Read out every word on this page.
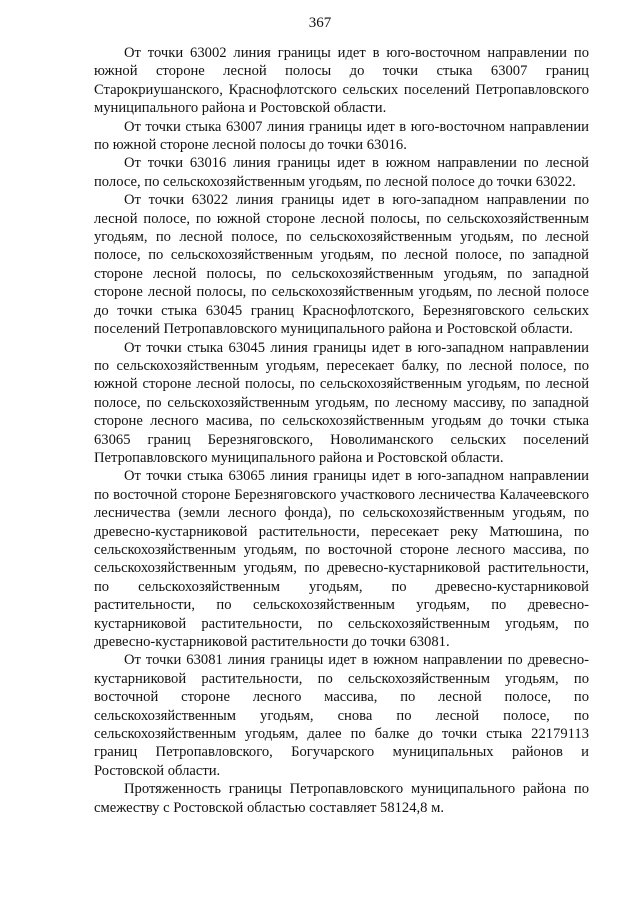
367

От точки 63002 линия границы идет в юго-восточном направлении по южной стороне лесной полосы до точки стыка 63007 границ Старокриушанского, Краснофлотского сельских поселений Петропавловского муниципального района и Ростовской области.

От точки стыка 63007 линия границы идет в юго-восточном направлении по южной стороне лесной полосы до точки 63016.

От точки 63016 линия границы идет в южном направлении по лесной полосе, по сельскохозяйственным угодьям, по лесной полосе до точки 63022.

От точки 63022 линия границы идет в юго-западном направлении по лесной полосе, по южной стороне лесной полосы, по сельскохозяйственным угодьям, по лесной полосе, по сельскохозяйственным угодьям, по лесной полосе, по сельскохозяйственным угодьям, по лесной полосе, по западной стороне лесной полосы, по сельскохозяйственным угодьям, по западной стороне лесной полосы, по сельскохозяйственным угодьям, по лесной полосе до точки стыка 63045 границ Краснофлотского, Березняговского сельских поселений Петропавловского муниципального района и Ростовской области.

От точки стыка 63045 линия границы идет в юго-западном направлении по сельскохозяйственным угодьям, пересекает балку, по лесной полосе, по южной стороне лесной полосы, по сельскохозяйственным угодьям, по лесной полосе, по сельскохозяйственным угодьям, по лесному массиву, по западной стороне лесного масива, по сельскохозяйственным угодьям до точки стыка 63065 границ Березняговского, Новолиманского сельских поселений Петропавловского муниципального района и Ростовской области.

От точки стыка 63065 линия границы идет в юго-западном направлении по восточной стороне Березняговского участкового лесничества Калачеевского лесничества (земли лесного фонда), по сельскохозяйственным угодьям, по древесно-кустарниковой растительности, пересекает реку Матюшина, по сельскохозяйственным угодьям, по восточной стороне лесного массива, по сельскохозяйственным угодьям, по древесно-кустарниковой растительности, по сельскохозяйственным угодьям, по древесно-кустарниковой растительности, по сельскохозяйственным угодьям, по древесно-кустарниковой растительности, по сельскохозяйственным угодьям, по древесно-кустарниковой растительности до точки 63081.

От точки 63081 линия границы идет в южном направлении по древесно-кустарниковой растительности, по сельскохозяйственным угодьям, по восточной стороне лесного массива, по лесной полосе, по сельскохозяйственным угодьям, снова по лесной полосе, по сельскохозяйственным угодьям, далее по балке до точки стыка 22179113 границ Петропавловского, Богучарского муниципальных районов и Ростовской области.

Протяженность границы Петропавловского муниципального района по смежеству с Ростовской областью составляет 58124,8 м.
